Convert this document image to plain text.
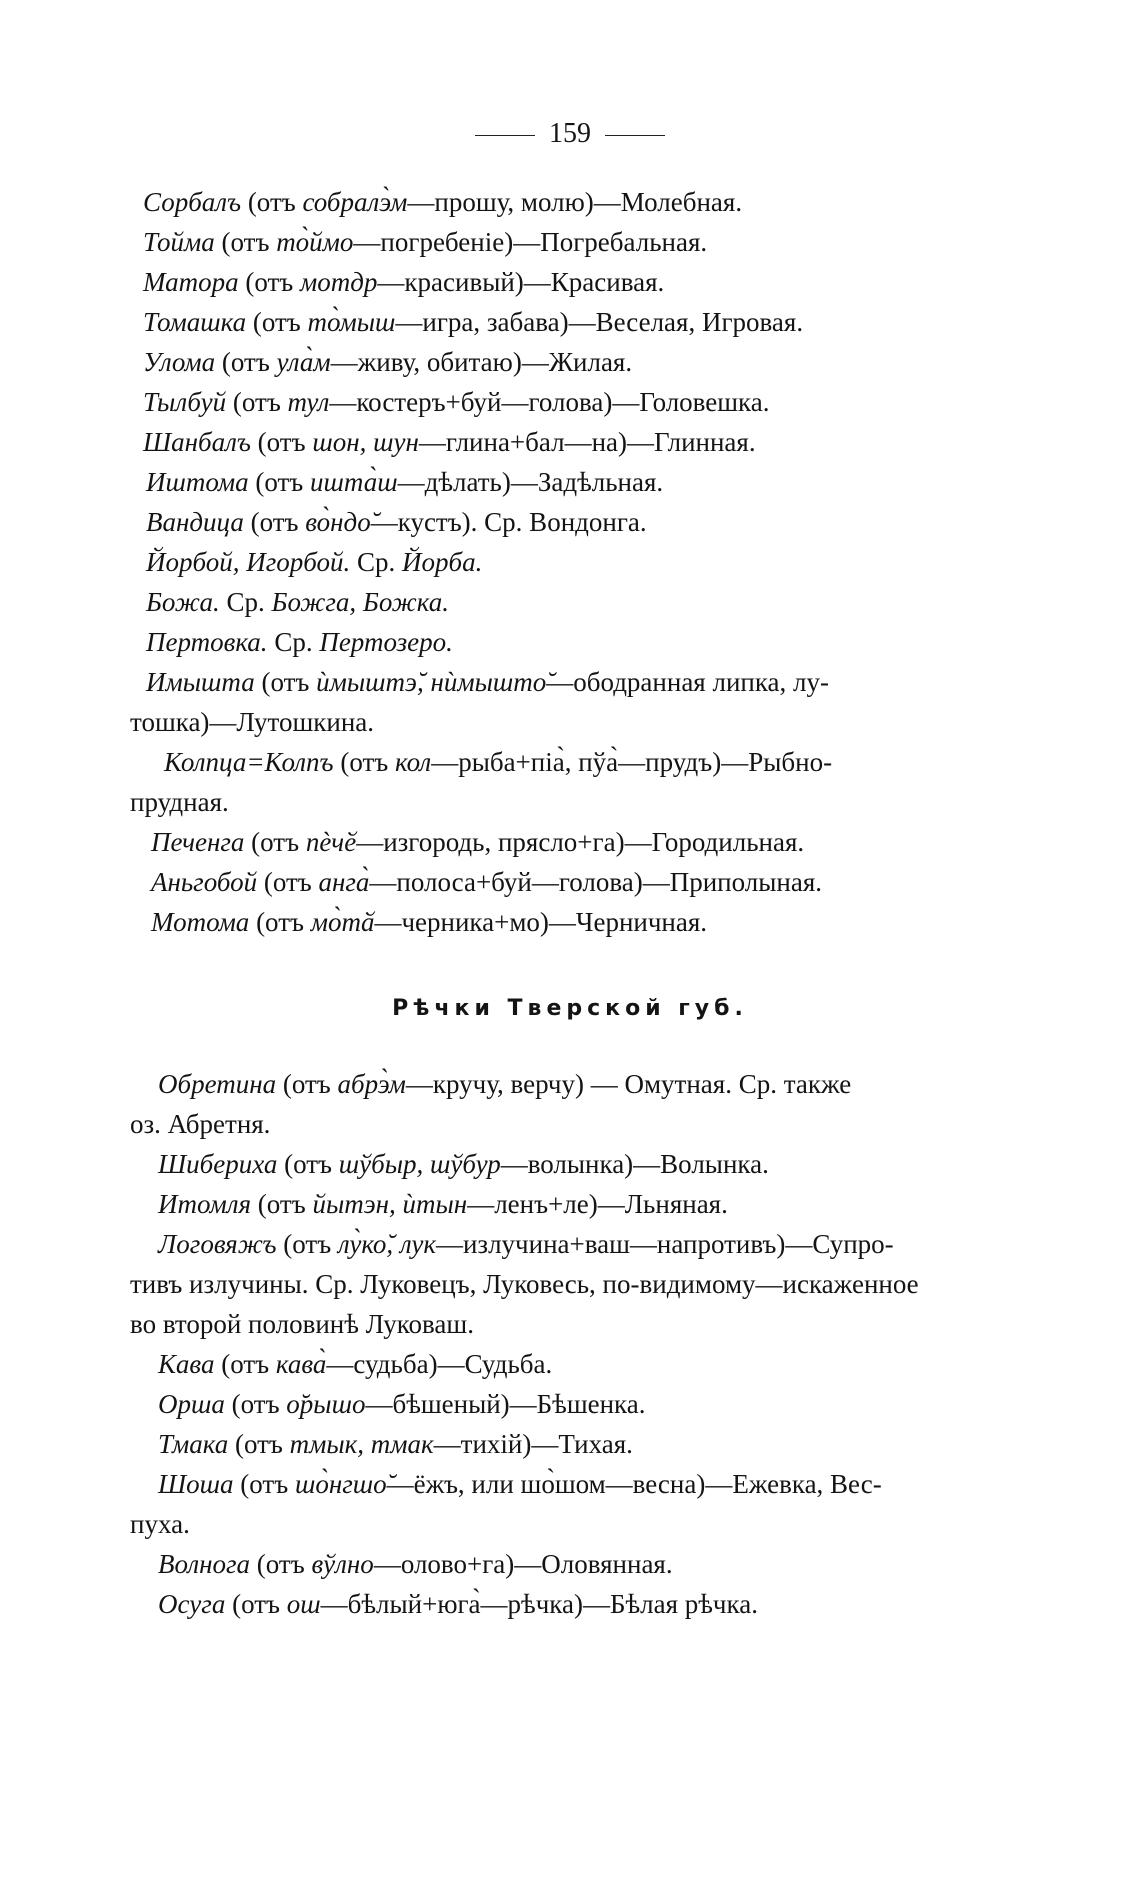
159
Сорбалъ (отъ собралэ̀м—прошу, молю)—Молебная.
Тойма (отъ то̀ймо—погребеніе)—Погребальная.
Матора (отъ мотдр—красивый)—Красивая.
Томашка (отъ то̀мыш—игра, забава)—Веселая, Игровая.
Улома (отъ ула̀м—живу, обитаю)—Жилая.
Тылбуй (отъ тул—костеръ+буй—голова)—Головешка.
Шанбалъ (отъ шон, шун—глина+бал—на)—Глинная.
Иштома (отъ ишта̀ш—дѣлать)—Задѣльная.
Вандица (отъ во̀ндо̆—кустъ). Ср. Вондонга.
Йорбой, Игорбой. Ср. Йорба.
Божа. Ср. Божга, Божка.
Пертовка. Ср. Пертозеро.
Имышта (отъ ѝмыштэ̆, нѝмышто̆—ободранная липка, лу-
тошка)—Лутошкина.
Колпца=Колпъ (отъ кол—рыба+піа̀, пўа̀—прудъ)—Рыбно-
прудная.
Печенга (отъ пѐчӗ—изгородь, прясло+га)—Городильная.
Аньгобой (отъ анга̀—полоса+буй—голова)—Приполыная.
Мотома (отъ мо̀тӑ—черника+мо)—Черничная.
Рѣчки Тверской губ.
Обретина (отъ абрэ̀м—кручу, верчу) — Омутная. Ср. также
оз. Абретня.
Шибериха (отъ шўбыр, шўбур—волынка)—Волынка.
Итомля (отъ йытэн, ѝтын—ленъ+ле)—Льняная.
Логовяжъ (отъ лу̀ко̆, лук—излучина+ваш—напротивъ)—Супро-
тивъ излучины. Ср. Луковецъ, Луковесь, по-видимому—искаженное
во второй половинѣ Луковаш.
Кава (отъ кава̀—судьба)—Судьба.
Орша (отъ о̆рышо—бѣшеный)—Бѣшенка.
Тмака (отъ тмык, тмак—тихій)—Тихая.
Шоша (отъ шо̀нгшо̆—ёжъ, или шо̀шом—весна)—Ежевка, Вес-
пуха.
Волнога (отъ вўлно—олово+га)—Оловянная.
Осуга (отъ ош—бѣлый+юга̀—рѣчка)—Бѣлая рѣчка.
